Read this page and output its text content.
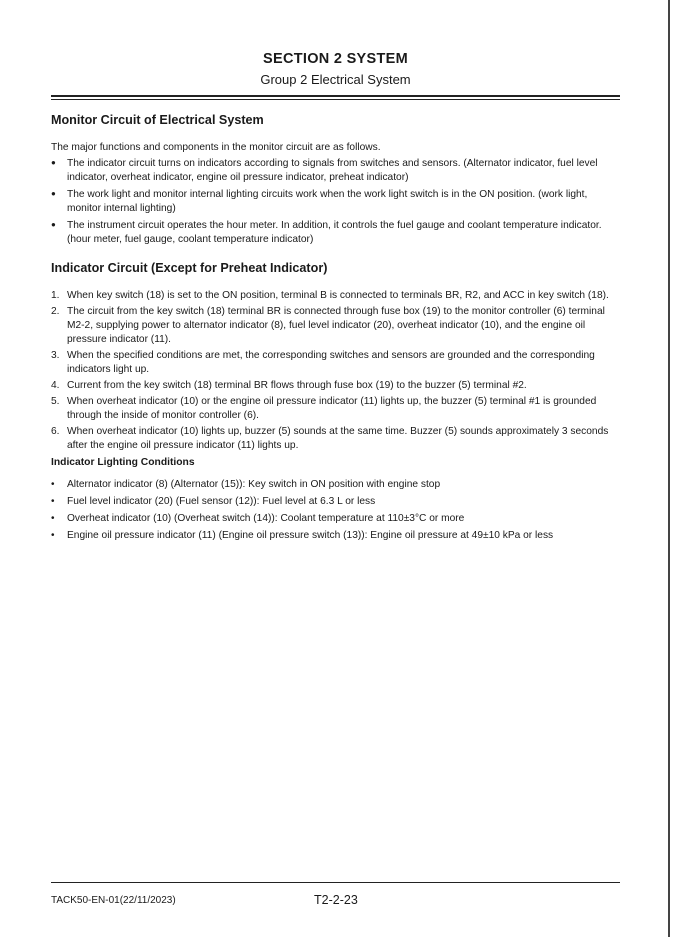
SECTION 2 SYSTEM
Group 2 Electrical System
Monitor Circuit of Electrical System

The major functions and components in the monitor circuit are as follows.

●
The indicator circuit turns on indicators according to signals from switches and sensors. (Alternator indicator, fuel level indicator, overheat indicator, engine oil pressure indicator, preheat indicator)
●
The work light and monitor internal lighting circuits work when the work light switch is in the ON position. (work light, monitor internal lighting)
●
The instrument circuit operates the hour meter. In addition, it controls the fuel gauge and coolant temperature indicator. (hour meter, fuel gauge, coolant temperature indicator)
Indicator Circuit (Except for Preheat Indicator)
1. When key switch (18) is set to the ON position, terminal B is connected to terminals BR, R2, and ACC in key switch (18).
2. The circuit from the key switch (18) terminal BR is connected through fuse box (19) to the monitor controller (6) terminal M2-2, supplying power to alternator indicator (8), fuel level indicator (20), overheat indicator (10), and the engine oil pressure indicator (11).
3. When the specified conditions are met, the corresponding switches and sensors are grounded and the corresponding indicators light up.
4. Current from the key switch (18) terminal BR flows through fuse box (19) to the buzzer (5) terminal #2.
5. When overheat indicator (10) or the engine oil pressure indicator (11) lights up, the buzzer (5) terminal #1 is grounded through the inside of monitor controller (6).
6. When overheat indicator (10) lights up, buzzer (5) sounds at the same time. Buzzer (5) sounds approximately 3 seconds after the engine oil pressure indicator (11) lights up.
Indicator Lighting Conditions
•
Alternator indicator (8) (Alternator (15)): Key switch in ON position with engine stop
•
Fuel level indicator (20) (Fuel sensor (12)): Fuel level at 6.3 L or less
•
Overheat indicator (10) (Overheat switch (14)): Coolant temperature at 110±3°C or more
•
Engine oil pressure indicator (11) (Engine oil pressure switch (13)): Engine oil pressure at 49±10 kPa or less
TACK50-EN-01(22/11/2023)	T2-2-23
